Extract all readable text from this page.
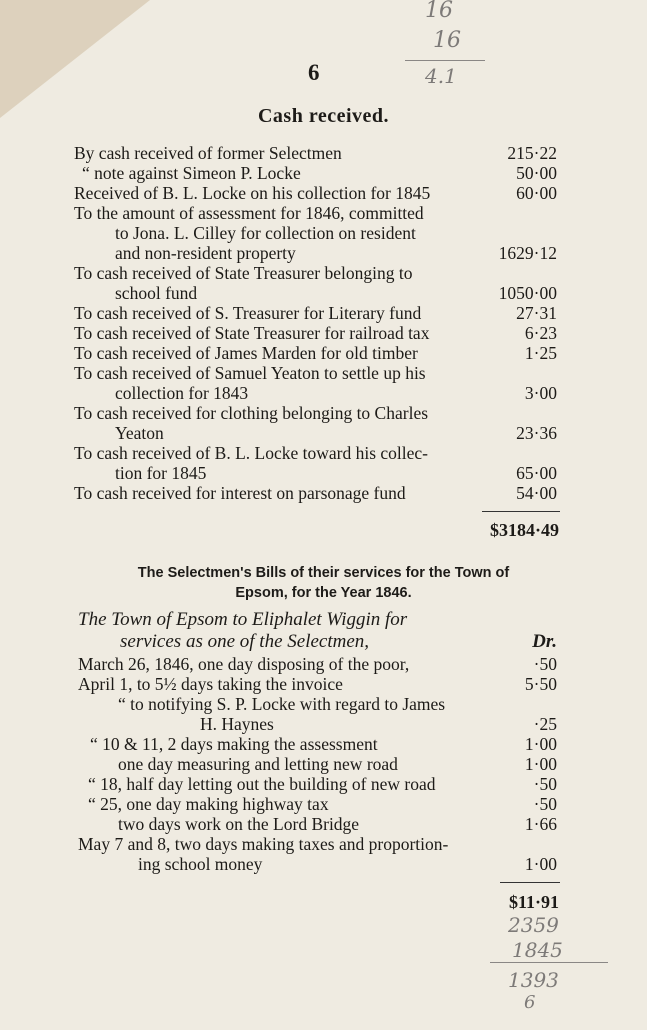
16
16
4.1
6
Cash received.
By cash received of former Selectmen	215·22
“ note against Simeon P. Locke	50·00
Received of B. L. Locke on his collection for 1845	60·00
To the amount of assessment for 1846, committed
to Jona. L. Cilley for collection on resident
and non-resident property	1629·12
To cash received of State Treasurer belonging to
school fund	1050·00
To cash received of S. Treasurer for Literary fund	27·31
To cash received of State Treasurer for railroad tax	6·23
To cash received of James Marden for old timber	1·25
To cash received of Samuel Yeaton to settle up his
collection for 1843	3·00
To cash received for clothing belonging to Charles
Yeaton	23·36
To cash received of B. L. Locke toward his collec-
tion for 1845	65·00
To cash received for interest on parsonage fund	54·00
$3184·49
The Selectmen's Bills of their services for the Town of
Epsom, for the Year 1846.
The Town of Epsom to Eliphalet Wiggin for
services as one of the Selectmen,	Dr.
March 26, 1846, one day disposing of the poor,	·50
April 1, to 5½ days taking the invoice	5·50
“ to notifying S. P. Locke with regard to James
H. Haynes	·25
“ 10 & 11, 2 days making the assessment	1·00
one day measuring and letting new road	1·00
“ 18, half day letting out the building of new road	·50
“ 25, one day making highway tax	·50
two days work on the Lord Bridge	1·66
May 7 and 8, two days making taxes and proportion-
ing school money	1·00
$11·91
2359
1845
1393
6
